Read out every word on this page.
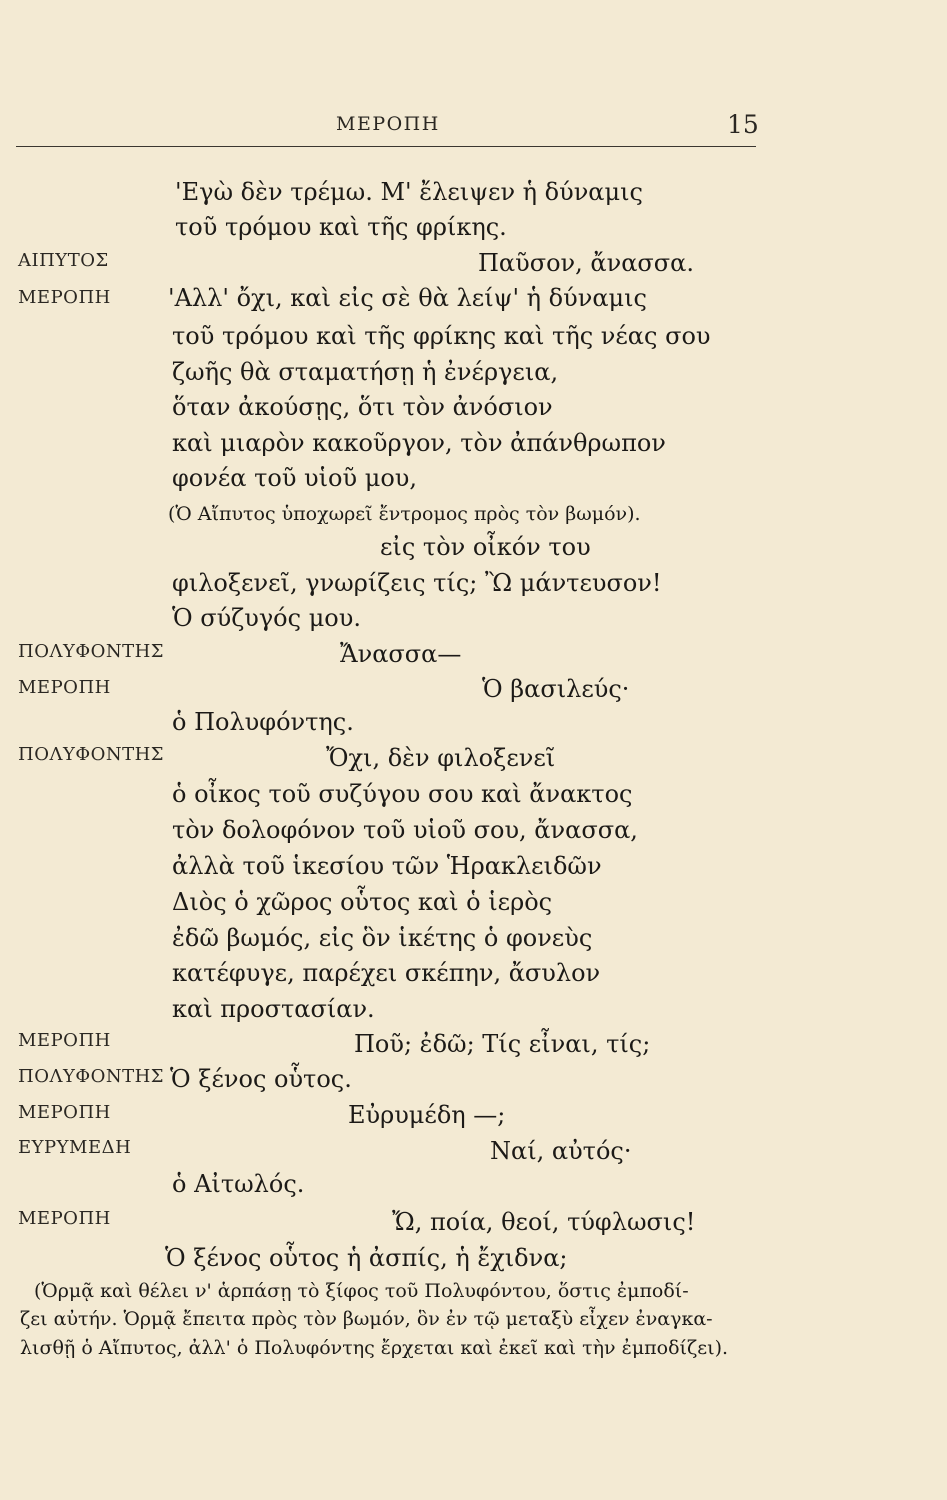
ΜΕΡΟΠΗ	15
ΑΙΠΥΤΟΣ
ΜΕΡΟΠΗ
ΠΟΛΥΦΟΝΤΗΣ
ΜΕΡΟΠΗ
ΠΟΛΥΦΟΝΤΗΣ
ΜΕΡΟΠΗ
ΠΟΛΥΦΟΝΤΗΣ
ΜΕΡΟΠΗ
ΕΥΡΥΜΕΔΗ
ΜΕΡΟΠΗ
'Εγὼ δὲν τρέμω. Μ' ἔλειψεν ἡ δύναμις
τοῦ τρόμου καὶ τῆς φρίκης.
Παῦσον, ἄνασσα.
'Αλλ' ὄχι, καὶ εἰς σὲ θὰ λείψ' ἡ δύναμις
τοῦ τρόμου καὶ τῆς φρίκης καὶ τῆς νέας σου
ζωῆς θὰ σταματήσῃ ἡ ἐνέργεια,
ὅταν ἀκούσῃς, ὅτι τὸν ἀνόσιον
καὶ μιαρὸν κακοῦργον, τὸν ἀπάνθρωπον
φονέα τοῦ υἱοῦ μου,
(Ὁ Αἴπυτος ὑποχωρεῖ ἔντρομος πρὸς τὸν βωμόν).
εἰς τὸν οἶκόν του
φιλοξενεῖ, γνωρίζεις τίς; Ὢ μάντευσον!
Ὁ σύζυγός μου.
Ἄνασσα—
Ὁ βασιλεύς·
ὁ Πολυφόντης.
Ὄχι, δὲν φιλοξενεῖ
ὁ οἶκος τοῦ συζύγου σου καὶ ἄνακτος
τὸν δολοφόνον τοῦ υἱοῦ σου, ἄνασσα,
ἀλλὰ τοῦ ἱκεσίου τῶν Ἡρακλειδῶν
Διὸς ὁ χῶρος οὗτος καὶ ὁ ἱερὸς
ἐδῶ βωμός, εἰς ὃν ἱκέτης ὁ φονεὺς
κατέφυγε, παρέχει σκέπην, ἄσυλον
καὶ προστασίαν.
Ποῦ; ἐδῶ; Τίς εἶναι, τίς;
Ὁ ξένος οὗτος.
Εὐρυμέδη —;
Ναί, αὐτός·
ὁ Αἰτωλός.
Ὤ, ποία, θεοί, τύφλωσις!
Ὁ ξένος οὗτος ἡ ἀσπίς, ἡ ἔχιδνα;
(Ὁρμᾷ καὶ θέλει ν' ἁρπάσῃ τὸ ξίφος τοῦ Πολυφόντου, ὅστις ἐμποδί-
ζει αὐτήν. Ὁρμᾷ ἔπειτα πρὸς τὸν βωμόν, ὃν ἐν τῷ μεταξὺ εἶχεν ἐναγκα-
λισθῇ ὁ Αἴπυτος, ἀλλ' ὁ Πολυφόντης ἔρχεται καὶ ἐκεῖ καὶ τὴν ἐμποδίζει).
